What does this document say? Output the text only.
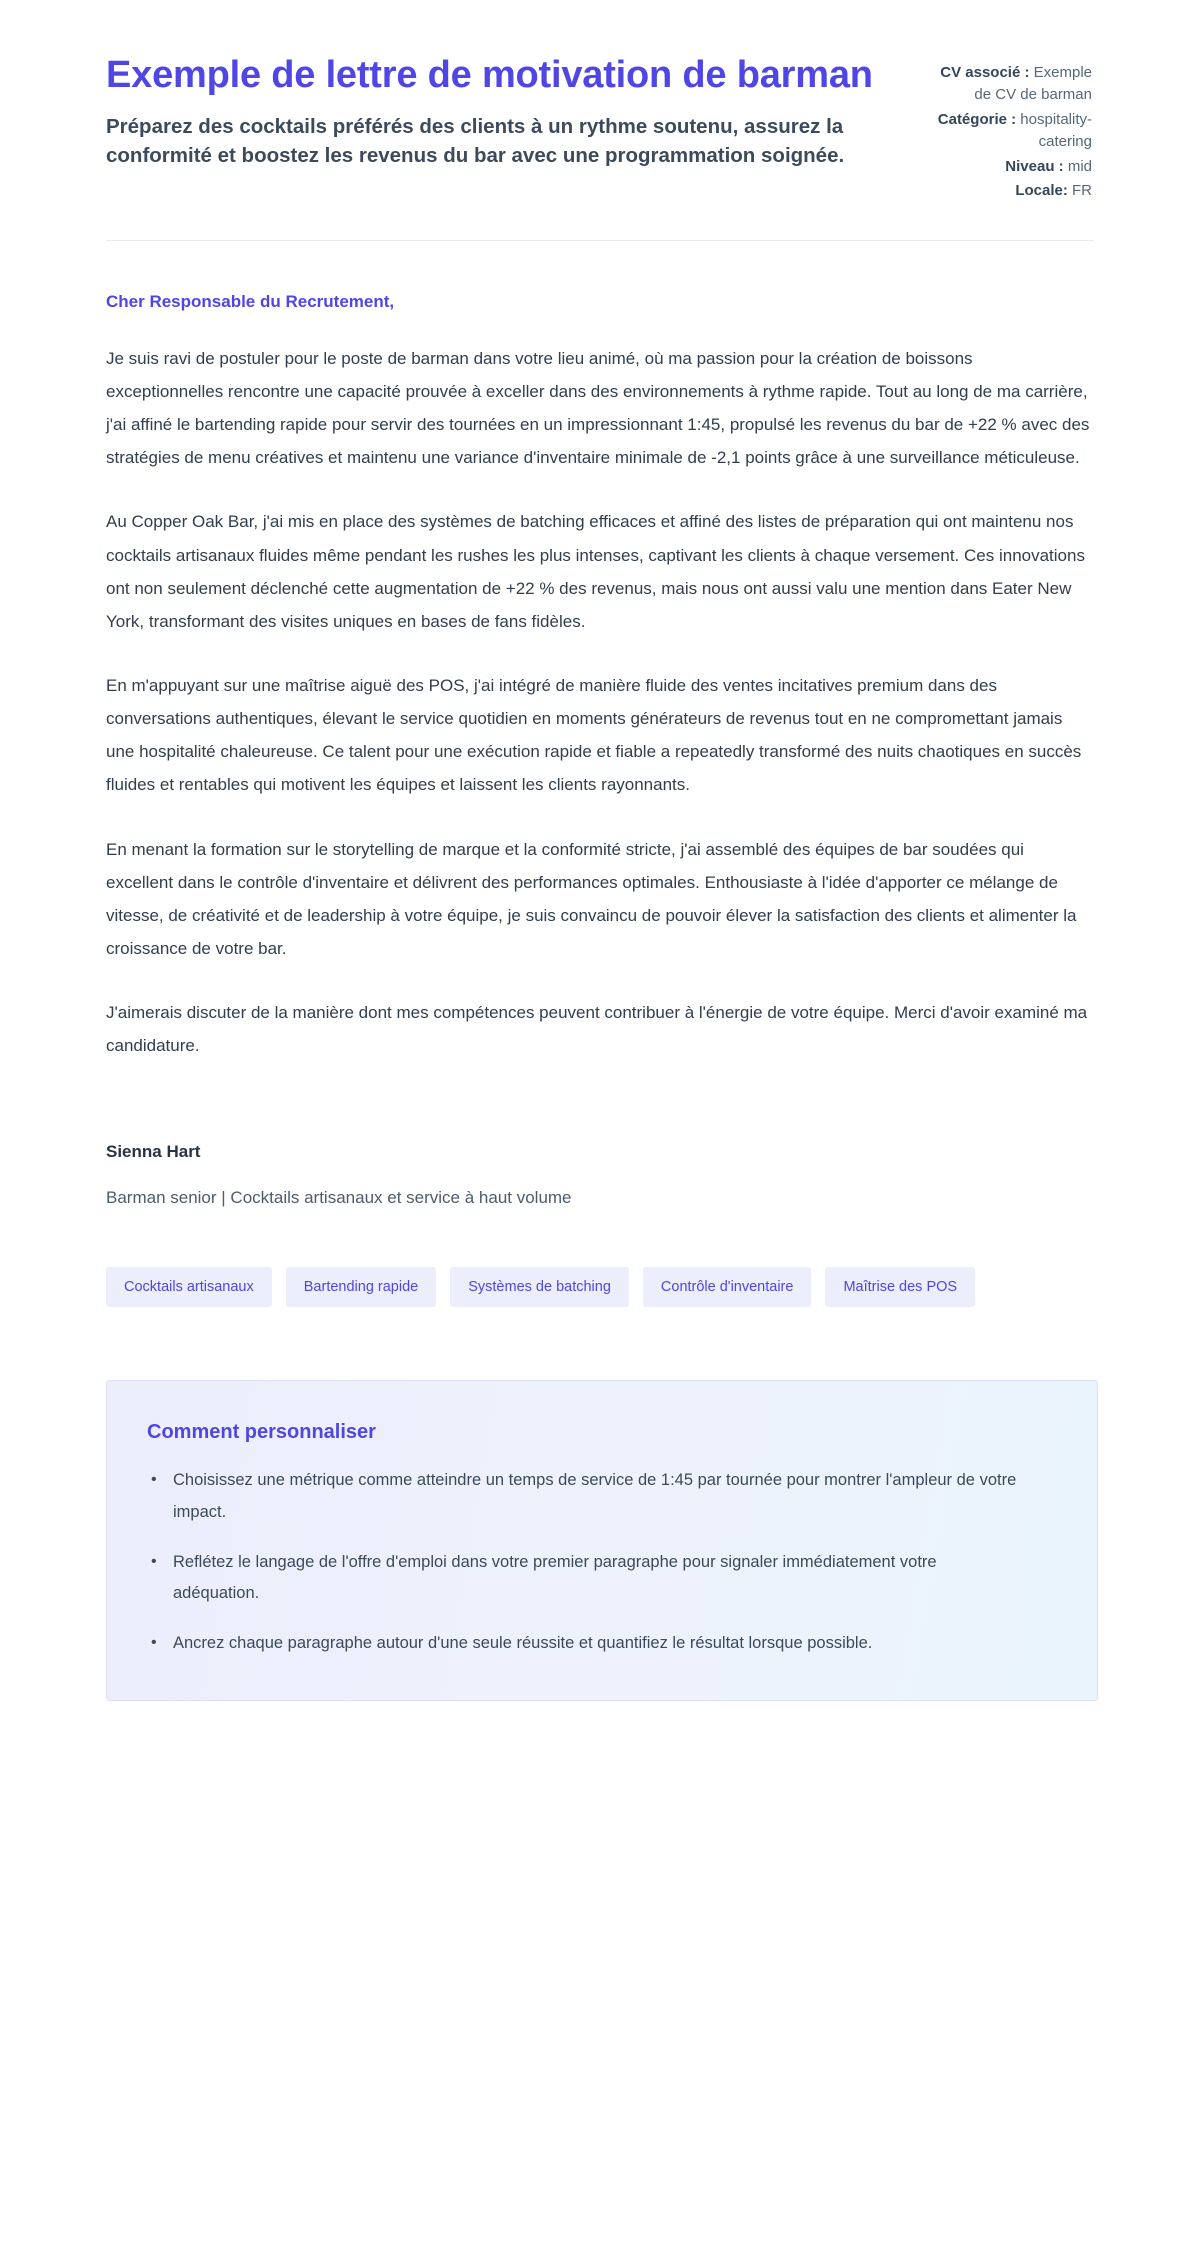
Exemple de lettre de motivation de barman

Préparez des cocktails préférés des clients à un rythme soutenu, assurez la conformité et boostez les revenus du bar avec une programmation soignée.

CV associé : Exemple de CV de barman
Catégorie : hospitality-catering
Niveau : mid
Locale: FR

Cher Responsable du Recrutement,

Je suis ravi de postuler pour le poste de barman dans votre lieu animé, où ma passion pour la création de boissons exceptionnelles rencontre une capacité prouvée à exceller dans des environnements à rythme rapide. Tout au long de ma carrière, j'ai affiné le bartending rapide pour servir des tournées en un impressionnant 1:45, propulsé les revenus du bar de +22 % avec des stratégies de menu créatives et maintenu une variance d'inventaire minimale de -2,1 points grâce à une surveillance méticuleuse.

Au Copper Oak Bar, j'ai mis en place des systèmes de batching efficaces et affiné des listes de préparation qui ont maintenu nos cocktails artisanaux fluides même pendant les rushes les plus intenses, captivant les clients à chaque versement. Ces innovations ont non seulement déclenché cette augmentation de +22 % des revenus, mais nous ont aussi valu une mention dans Eater New York, transformant des visites uniques en bases de fans fidèles.

En m'appuyant sur une maîtrise aiguë des POS, j'ai intégré de manière fluide des ventes incitatives premium dans des conversations authentiques, élevant le service quotidien en moments générateurs de revenus tout en ne compromettant jamais une hospitalité chaleureuse. Ce talent pour une exécution rapide et fiable a repeatedly transformé des nuits chaotiques en succès fluides et rentables qui motivent les équipes et laissent les clients rayonnants.

En menant la formation sur le storytelling de marque et la conformité stricte, j'ai assemblé des équipes de bar soudées qui excellent dans le contrôle d'inventaire et délivrent des performances optimales. Enthousiaste à l'idée d'apporter ce mélange de vitesse, de créativité et de leadership à votre équipe, je suis convaincu de pouvoir élever la satisfaction des clients et alimenter la croissance de votre bar.

J'aimerais discuter de la manière dont mes compétences peuvent contribuer à l'énergie de votre équipe. Merci d'avoir examiné ma candidature.

Sienna Hart

Barman senior | Cocktails artisanaux et service à haut volume

Cocktails artisanaux	Bartending rapide	Systèmes de batching	Contrôle d'inventaire	Maîtrise des POS
Comment personnaliser
• Choisissez une métrique comme atteindre un temps de service de 1:45 par tournée pour montrer l'ampleur de votre impact.
• Reflétez le langage de l'offre d'emploi dans votre premier paragraphe pour signaler immédiatement votre adéquation.
• Ancrez chaque paragraphe autour d'une seule réussite et quantifiez le résultat lorsque possible.
